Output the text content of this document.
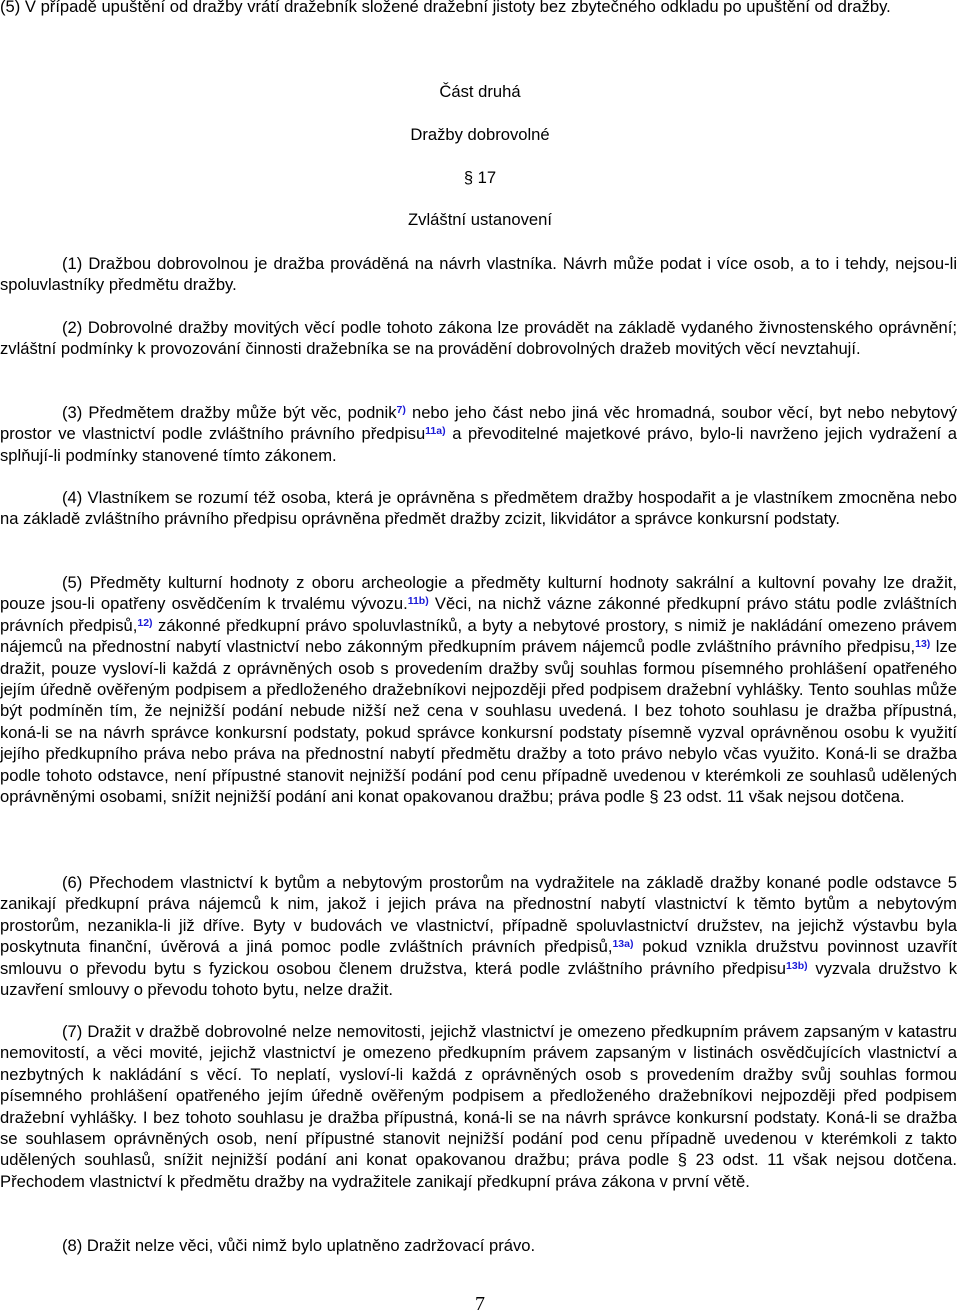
(5) V případě upuštění od dražby vrátí dražebník složené dražební jistoty bez zbytečného odkladu po upuštění od dražby.

Část druhá

Dražby dobrovolné

§ 17

Zvláštní ustanovení

(1) Dražbou dobrovolnou je dražba prováděná na návrh vlastníka. Návrh může podat i více osob, a to i tehdy, nejsou-li spoluvlastníky předmětu dražby.

(2) Dobrovolné dražby movitých věcí podle tohoto zákona lze provádět na základě vydaného živnostenského oprávnění; zvláštní podmínky k provozování činnosti dražebníka se na provádění dobrovolných dražeb movitých věcí nevztahují.

(3) Předmětem dražby může být věc, podnik$^{7)}$ nebo jeho část nebo jiná věc hromadná, soubor věcí, byt nebo nebytový prostor ve vlastnictví podle zvláštního právního předpisu$^{11a)}$ a převoditelné majetkové právo, bylo-li navrženo jejich vydražení a splňují-li podmínky stanovené tímto zákonem.

(4) Vlastníkem se rozumí též osoba, která je oprávněna s předmětem dražby hospodařit a je vlastníkem zmocněna nebo na základě zvláštního právního předpisu oprávněna předmět dražby zcizit, likvidátor a správce konkursní podstaty.

(5) Předměty kulturní hodnoty z oboru archeologie a předměty kulturní hodnoty sakrální a kultovní povahy lze dražit, pouze jsou-li opatřeny osvědčením k trvalému vývozu.$^{11b)}$ Věci, na nichž vázne zákonné předkupní právo státu podle zvláštních právních předpisů,$^{12)}$ zákonné předkupní právo spoluvlastníků, a byty a nebytové prostory, s nimiž je nakládání omezeno právem nájemců na přednostní nabytí vlastnictví nebo zákonným předkupním právem nájemců podle zvláštního právního předpisu,$^{13)}$ lze dražit, pouze vysloví-li každá z oprávněných osob s provedením dražby svůj souhlas formou písemného prohlášení opatřeného jejím úředně ověřeným podpisem a předloženého dražebníkovi nejpozději před podpisem dražební vyhlášky. Tento souhlas může být podmíněn tím, že nejnižší podání nebude nižší než cena v souhlasu uvedená. I bez tohoto souhlasu je dražba přípustná, koná-li se na návrh správce konkursní podstaty, pokud správce konkursní podstaty písemně vyzval oprávněnou osobu k využití jejího předkupního práva nebo práva na přednostní nabytí předmětu dražby a toto právo nebylo včas využito. Koná-li se dražba podle tohoto odstavce, není přípustné stanovit nejnižší podání pod cenu případně uvedenou v kterémkoli ze souhlasů udělených oprávněnými osobami, snížit nejnižší podání ani konat opakovanou dražbu; práva podle § 23 odst. 11 však nejsou dotčena.

(6) Přechodem vlastnictví k bytům a nebytovým prostorům na vydražitele na základě dražby konané podle odstavce 5 zanikají předkupní práva nájemců k nim, jakož i jejich práva na přednostní nabytí vlastnictví k těmto bytům a nebytovým prostorům, nezanikla-li již dříve. Byty v budovách ve vlastnictví, případně spoluvlastnictví družstev, na jejichž výstavbu byla poskytnuta finanční, úvěrová a jiná pomoc podle zvláštních právních předpisů,$^{13a)}$ pokud vznikla družstvu povinnost uzavřít smlouvu o převodu bytu s fyzickou osobou členem družstva, která podle zvláštního právního předpisu$^{13b)}$ vyzvala družstvo k uzavření smlouvy o převodu tohoto bytu, nelze dražit.

(7) Dražit v dražbě dobrovolné nelze nemovitosti, jejichž vlastnictví je omezeno předkupním právem zapsaným v katastru nemovitostí, a věci movité, jejichž vlastnictví je omezeno předkupním právem zapsaným v listinách osvědčujících vlastnictví a nezbytných k nakládání s věcí. To neplatí, vysloví-li každá z oprávněných osob s provedením dražby svůj souhlas formou písemného prohlášení opatřeného jejím úředně ověřeným podpisem a předloženého dražebníkovi nejpozději před podpisem dražební vyhlášky. I bez tohoto souhlasu je dražba přípustná, koná-li se na návrh správce konkursní podstaty. Koná-li se dražba se souhlasem oprávněných osob, není přípustné stanovit nejnižší podání pod cenu případně uvedenou v kterémkoli z takto udělených souhlasů, snížit nejnižší podání ani konat opakovanou dražbu; práva podle § 23 odst. 11 však nejsou dotčena. Přechodem vlastnictví k předmětu dražby na vydražitele zanikají předkupní práva zákona v první větě.

(8) Dražit nelze věci, vůči nimž bylo uplatněno zadržovací právo.

7
